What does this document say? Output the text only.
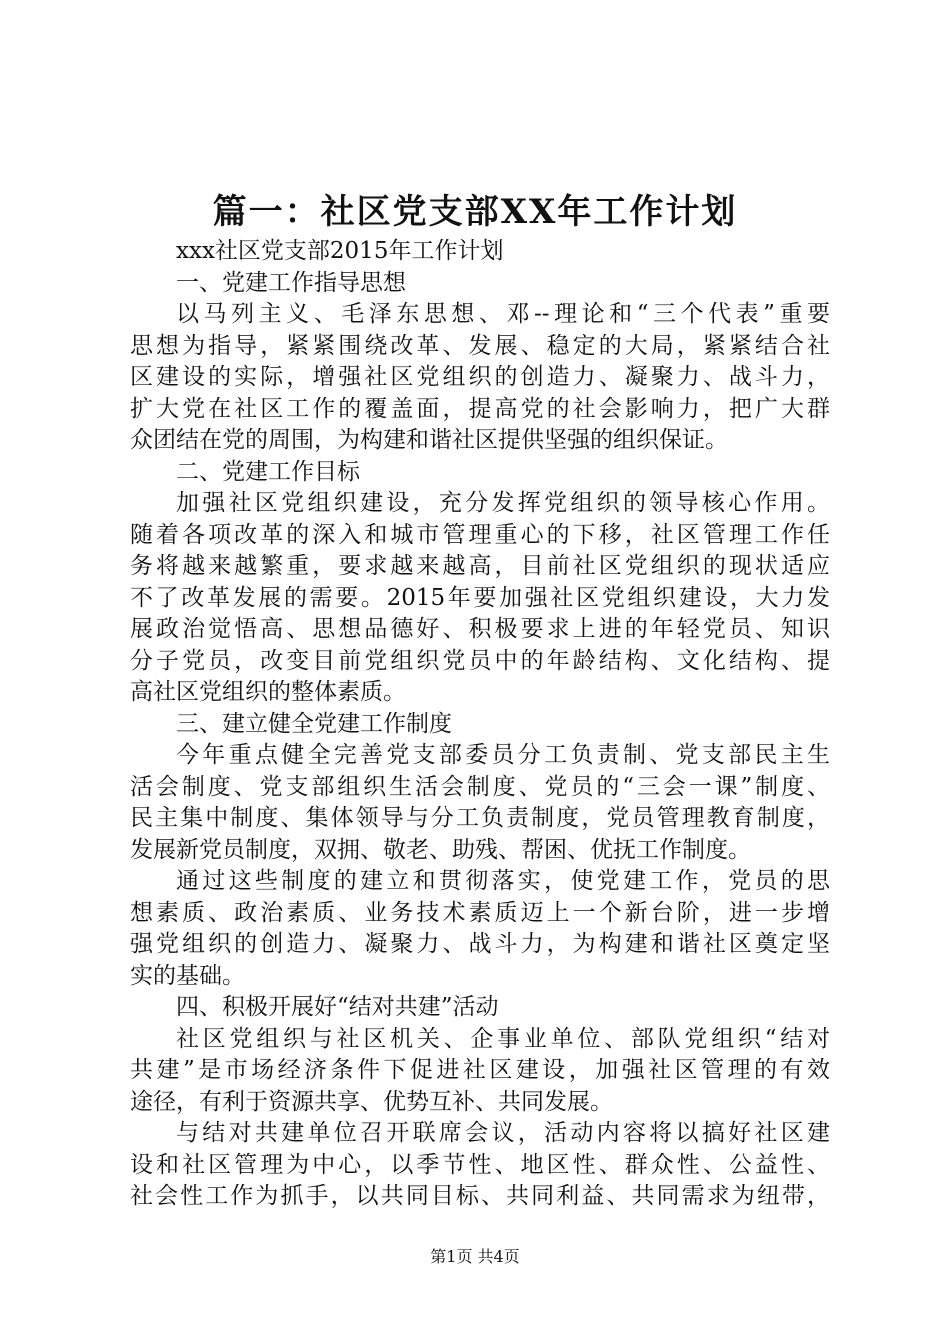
篇一：社区党支部XX年工作计划
xxx社区党支部2015年工作计划
一、党建工作指导思想
以马列主义、毛泽东思想、邓--理论和“三个代表”重要
思想为指导，紧紧围绕改革、发展、稳定的大局，紧紧结合社
区建设的实际，增强社区党组织的创造力、凝聚力、战斗力，
扩大党在社区工作的覆盖面，提高党的社会影响力，把广大群
众团结在党的周围，为构建和谐社区提供坚强的组织保证。
二、党建工作目标
加强社区党组织建设，充分发挥党组织的领导核心作用。
随着各项改革的深入和城市管理重心的下移，社区管理工作任
务将越来越繁重，要求越来越高，目前社区党组织的现状适应
不了改革发展的需要。2015年要加强社区党组织建设，大力发
展政治觉悟高、思想品德好、积极要求上进的年轻党员、知识
分子党员，改变目前党组织党员中的年龄结构、文化结构、提
高社区党组织的整体素质。
三、建立健全党建工作制度
今年重点健全完善党支部委员分工负责制、党支部民主生
活会制度、党支部组织生活会制度、党员的“三会一课”制度、
民主集中制度、集体领导与分工负责制度，党员管理教育制度，
发展新党员制度，双拥、敬老、助残、帮困、优抚工作制度。
通过这些制度的建立和贯彻落实，使党建工作，党员的思
想素质、政治素质、业务技术素质迈上一个新台阶，进一步增
强党组织的创造力、凝聚力、战斗力，为构建和谐社区奠定坚
实的基础。
四、积极开展好“结对共建”活动
社区党组织与社区机关、企事业单位、部队党组织“结对
共建”是市场经济条件下促进社区建设，加强社区管理的有效
途径，有利于资源共享、优势互补、共同发展。
与结对共建单位召开联席会议，活动内容将以搞好社区建
设和社区管理为中心，以季节性、地区性、群众性、公益性、
社会性工作为抓手，以共同目标、共同利益、共同需求为纽带，
第1页 共4页
